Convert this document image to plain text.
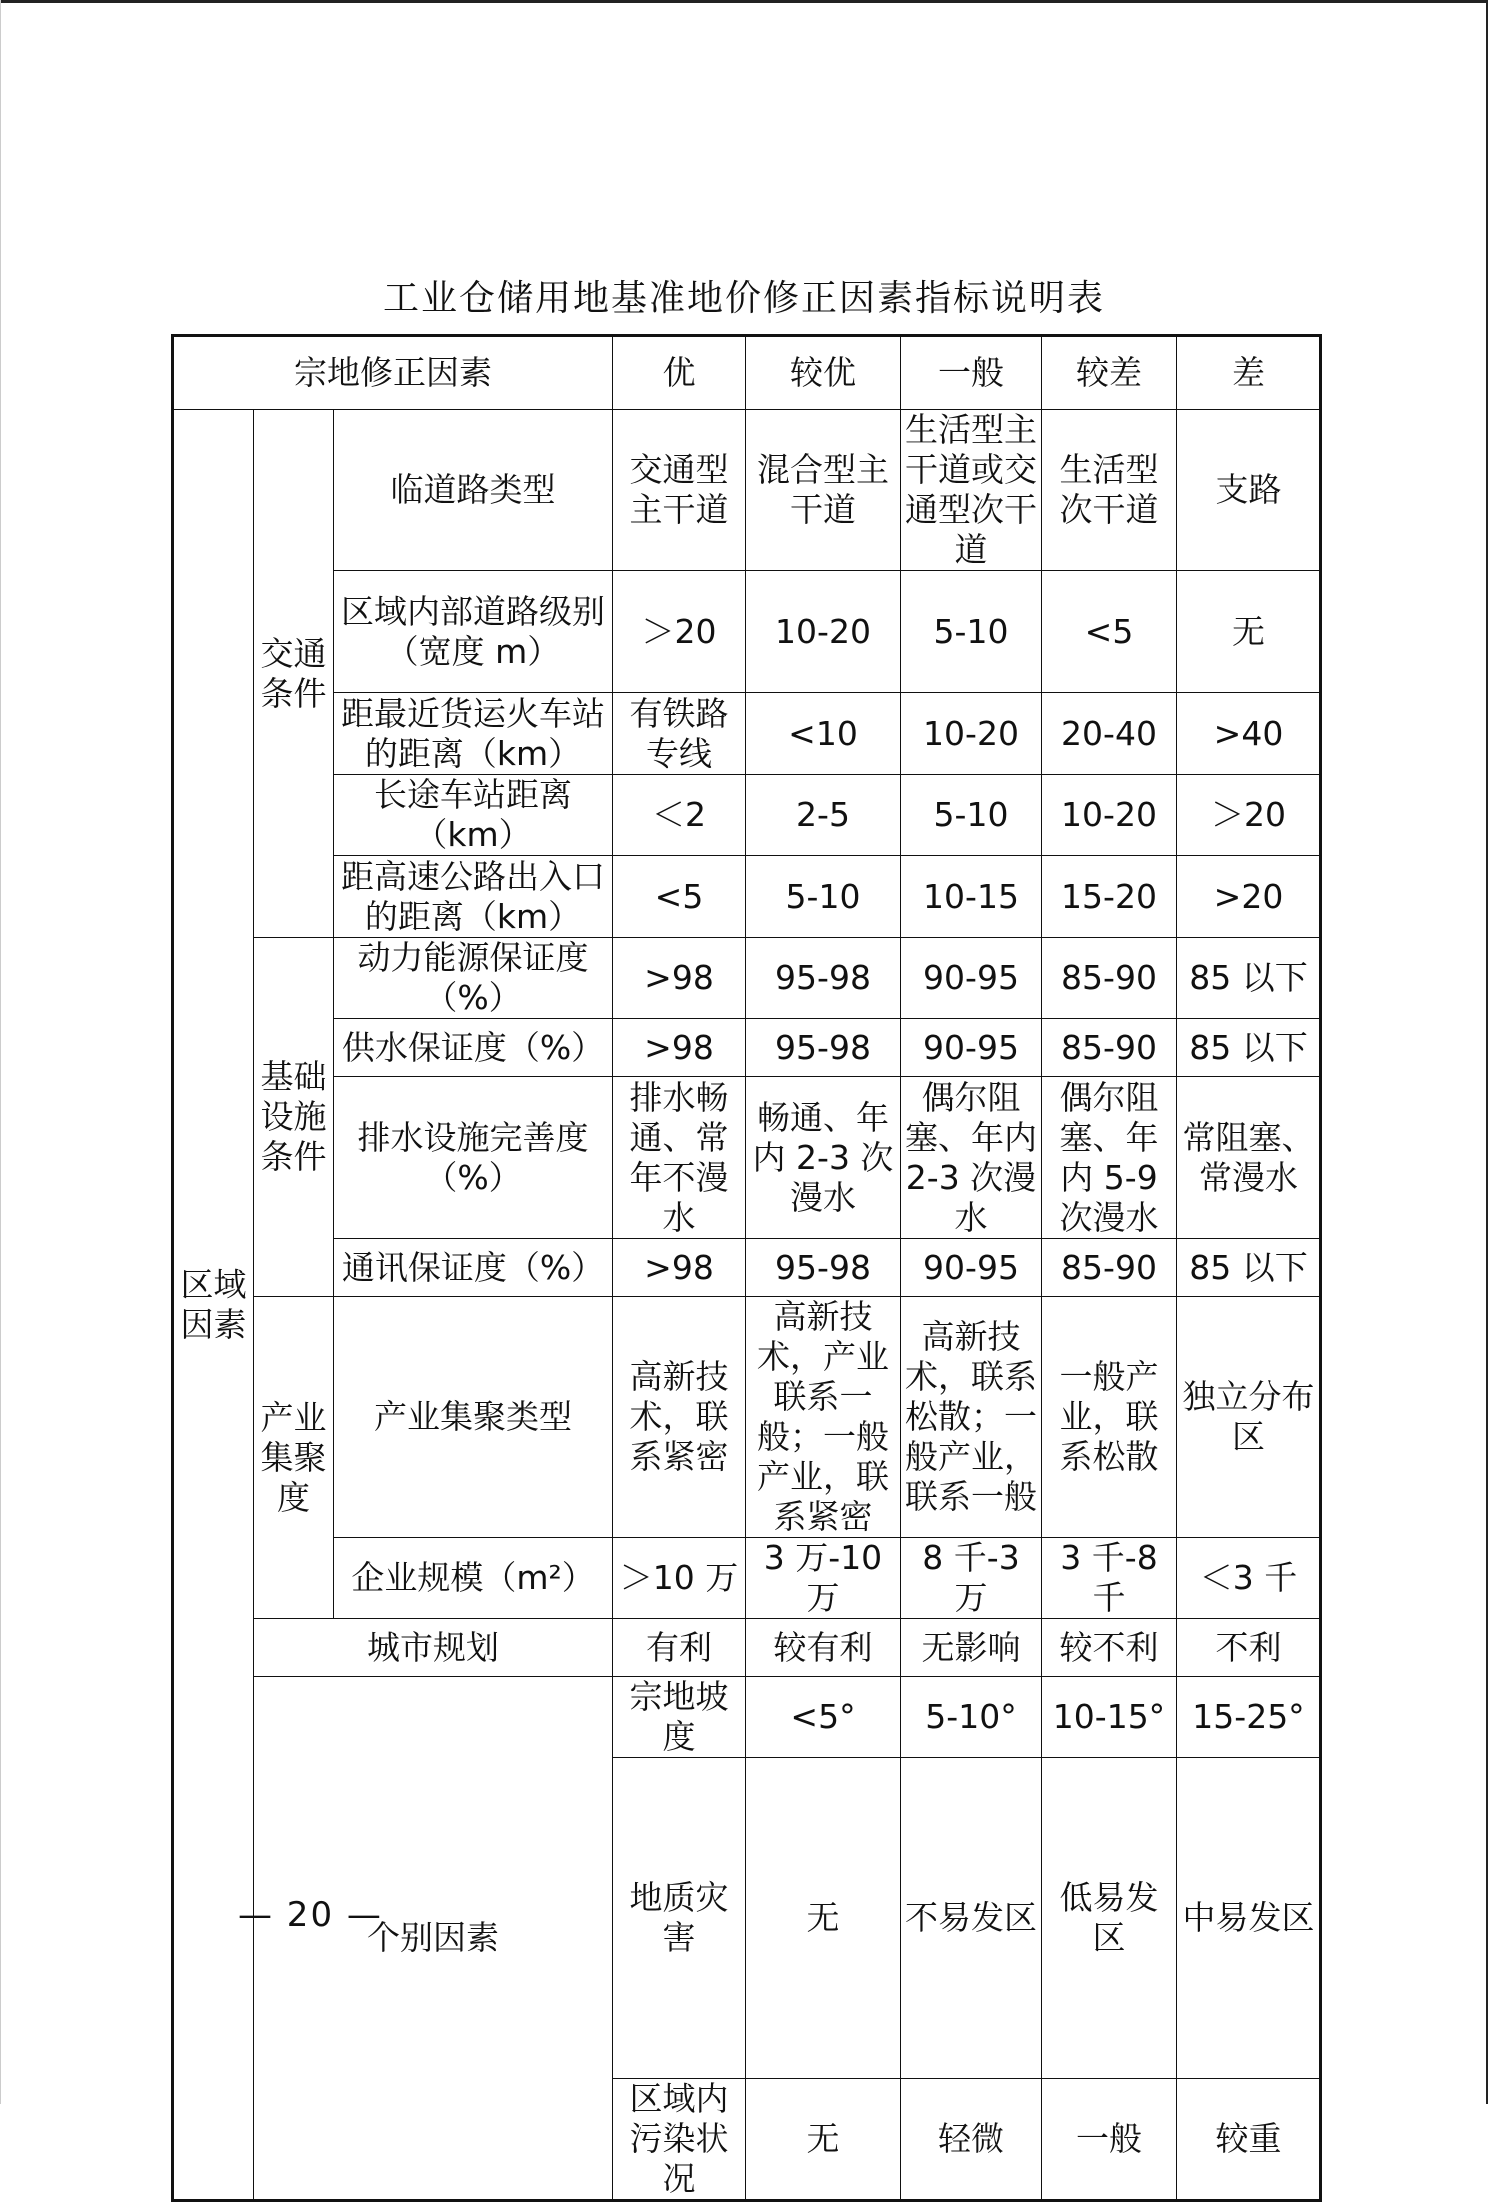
工业仓储用地基准地价修正因素指标说明表
宗地修正因素			优	较优	一般	较差	差	
区域因素	交通条件	临道路类型	交通型主干道	混合型主干道	生活型主干道或交通型次干道	生活型次干道	支路	
		区域内部道路级别（宽度 m）	＞20	10-20	5-10	<5	无	
		距最近货运火车站的距离（km）	有铁路专线	<10	10-20	20-40	>40	
		长途车站距离（km）	＜2	2-5	5-10	10-20	＞20	
		距高速公路出入口的距离（km）	<5	5-10	10-15	15-20	>20	
	基础设施条件	动力能源保证度（%）	>98	95-98	90-95	85-90	85 以下	
		供水保证度（%）	>98	95-98	90-95	85-90	85 以下	
		排水设施完善度（%）	排水畅通、常年不漫水	畅通、年内 2-3 次漫水	偶尔阻塞、年内 2-3 次漫水	偶尔阻塞、年内 5-9 次漫水	常阻塞、常漫水	
		通讯保证度（%）	>98	95-98	90-95	85-90	85 以下	
	产业集聚度	产业集聚类型	高新技术，联系紧密	高新技术，产业联系一般；一般产业，联系紧密	高新技术，联系松散；一般产业，联系一般	一般产业，联系松散	独立分布区	
		企业规模（m²）	＞10 万	3 万-10 万	8 千-3 万	3 千-8 千	＜3 千	
	城市规划		有利	较有利	无影响	较不利	不利	
	个别因素		宗地坡度	<5°	5-10°	10-15°	15-25°	
			地质灾害	无	不易发区	低易发区	中易发区	
			区域内污染状况	无	轻微	一般	较重	
— 20 —
